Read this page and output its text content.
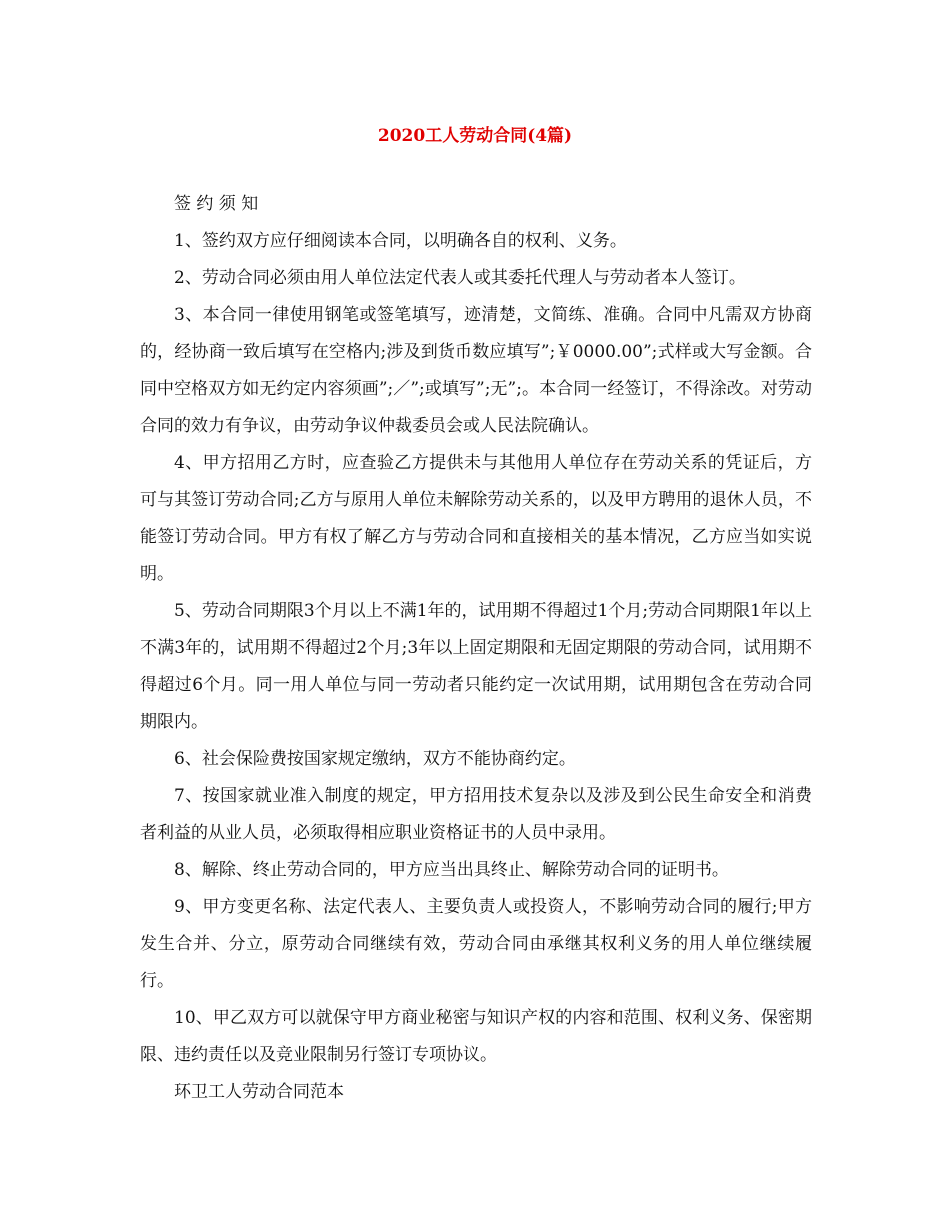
2020工人劳动合同(4篇)

签 约 须 知

1、签约双方应仔细阅读本合同，以明确各自的权利、义务。

2、劳动合同必须由用人单位法定代表人或其委托代理人与劳动者本人签订。

3、本合同一律使用钢笔或签笔填写，迹清楚，文简练、准确。合同中凡需双方协商的，经协商一致后填写在空格内;涉及到货币数应填写”;￥0000.00”;式样或大写金额。合同中空格双方如无约定内容须画”;／”;或填写”;无”;。本合同一经签订，不得涂改。对劳动合同的效力有争议，由劳动争议仲裁委员会或人民法院确认。

4、甲方招用乙方时，应查验乙方提供未与其他用人单位存在劳动关系的凭证后，方可与其签订劳动合同;乙方与原用人单位未解除劳动关系的，以及甲方聘用的退休人员，不能签订劳动合同。甲方有权了解乙方与劳动合同和直接相关的基本情况，乙方应当如实说明。

5、劳动合同期限3个月以上不满1年的，试用期不得超过1个月;劳动合同期限1年以上不满3年的，试用期不得超过2个月;3年以上固定期限和无固定期限的劳动合同，试用期不得超过6个月。同一用人单位与同一劳动者只能约定一次试用期，试用期包含在劳动合同期限内。

6、社会保险费按国家规定缴纳，双方不能协商约定。

7、按国家就业准入制度的规定，甲方招用技术复杂以及涉及到公民生命安全和消费者利益的从业人员，必须取得相应职业资格证书的人员中录用。

8、解除、终止劳动合同的，甲方应当出具终止、解除劳动合同的证明书。

9、甲方变更名称、法定代表人、主要负责人或投资人，不影响劳动合同的履行;甲方发生合并、分立，原劳动合同继续有效，劳动合同由承继其权利义务的用人单位继续履行。

10、甲乙双方可以就保守甲方商业秘密与知识产权的内容和范围、权利义务、保密期限、违约责任以及竞业限制另行签订专项协议。

环卫工人劳动合同范本
